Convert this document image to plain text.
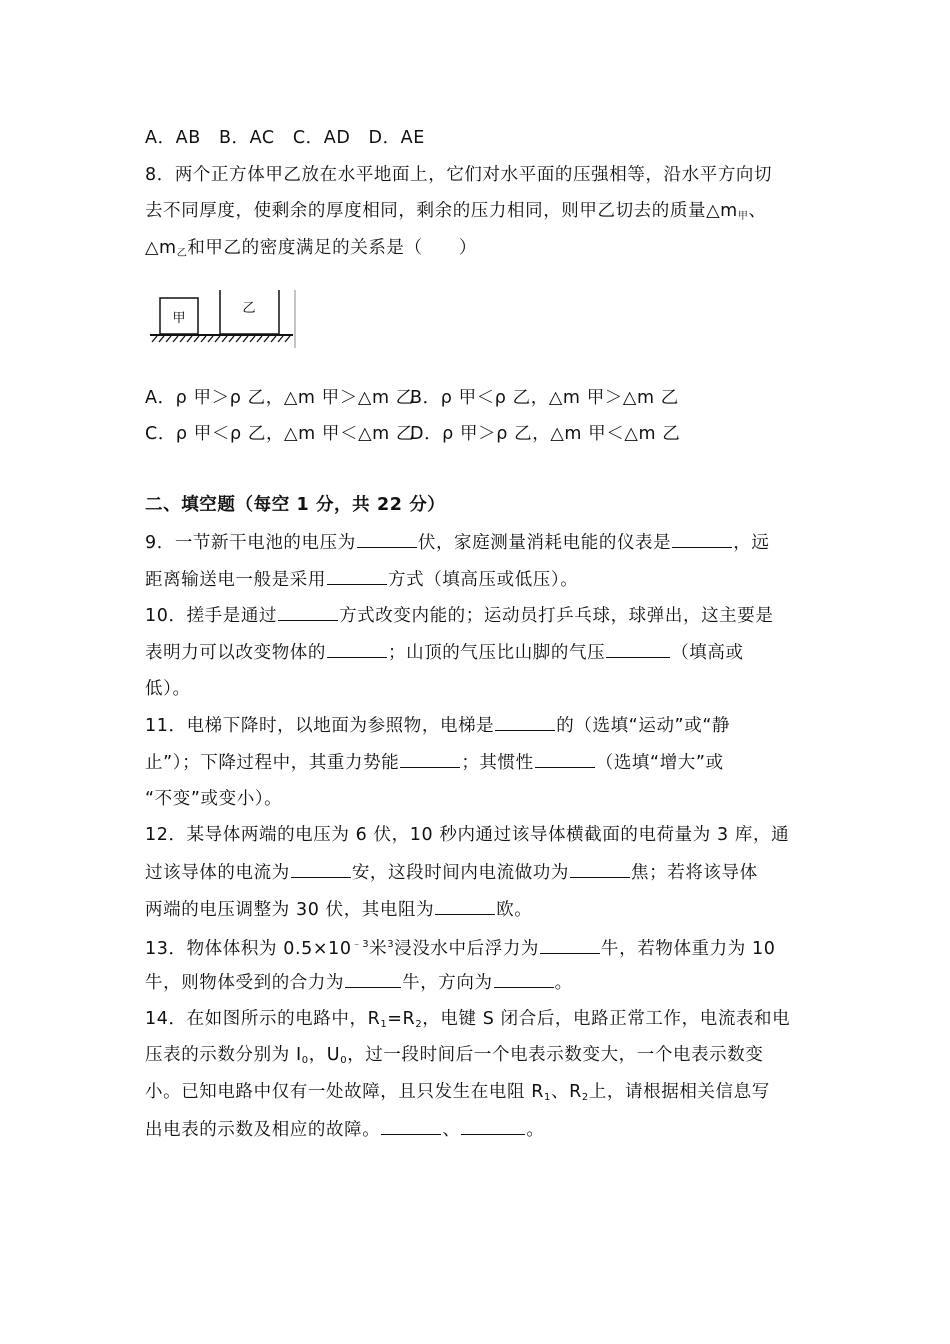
A．AB　B．AC　C．AD　D．AE
8．两个正方体甲乙放在水平地面上，它们对水平面的压强相等，沿水平方向切
去不同厚度，使剩余的厚度相同，剩余的压力相同，则甲乙切去的质量$\triangle m_甲$、
$\triangle m_乙$和甲乙的密度满足的关系是（　　）
A．ρ 甲＞ρ 乙，△m 甲＞△m 乙
B．ρ 甲＜ρ 乙，△m 甲＞△m 乙
C．ρ 甲＜ρ 乙，△m 甲＜△m 乙
D．ρ 甲＞ρ 乙，△m 甲＜△m 乙
二、填空题（每空 1 分，共 22 分）
9．一节新干电池的电压为	伏，家庭测量消耗电能的仪表是	，远
距离输送电一般是采用	方式（填高压或低压）。
10．搓手是通过	方式改变内能的；运动员打乒乓球，球弹出，这主要是
表明力可以改变物体的	；山顶的气压比山脚的气压	（填高或
低）。
11．电梯下降时，以地面为参照物，电梯是	的（选填“运动”或“静
止”）；下降过程中，其重力势能	；其惯性	（选填“增大”或
“不变”或变小）。
12．某导体两端的电压为 6 伏，10 秒内通过该导体横截面的电荷量为 3 库，通
过该导体的电流为	安，这段时间内电流做功为	焦；若将该导体
两端的电压调整为 30 伏，其电阻为	欧。
13．物体体积为 $0.5\times 10^{﹣3}$米$^3$浸没水中后浮力为	牛，若物体重力为 10
牛，则物体受到的合力为	牛，方向为	。
14．在如图所示的电路中，$R_1=R_2$，电键 S 闭合后，电路正常工作，电流表和电
压表的示数分别为 $I_0$，$U_0$，过一段时间后一个电表示数变大，一个电表示数变
小。已知电路中仅有一处故障，且只发生在电阻 $R_1$、$R_2$上，请根据相关信息写
出电表的示数及相应的故障。	、	。
甲
乙
